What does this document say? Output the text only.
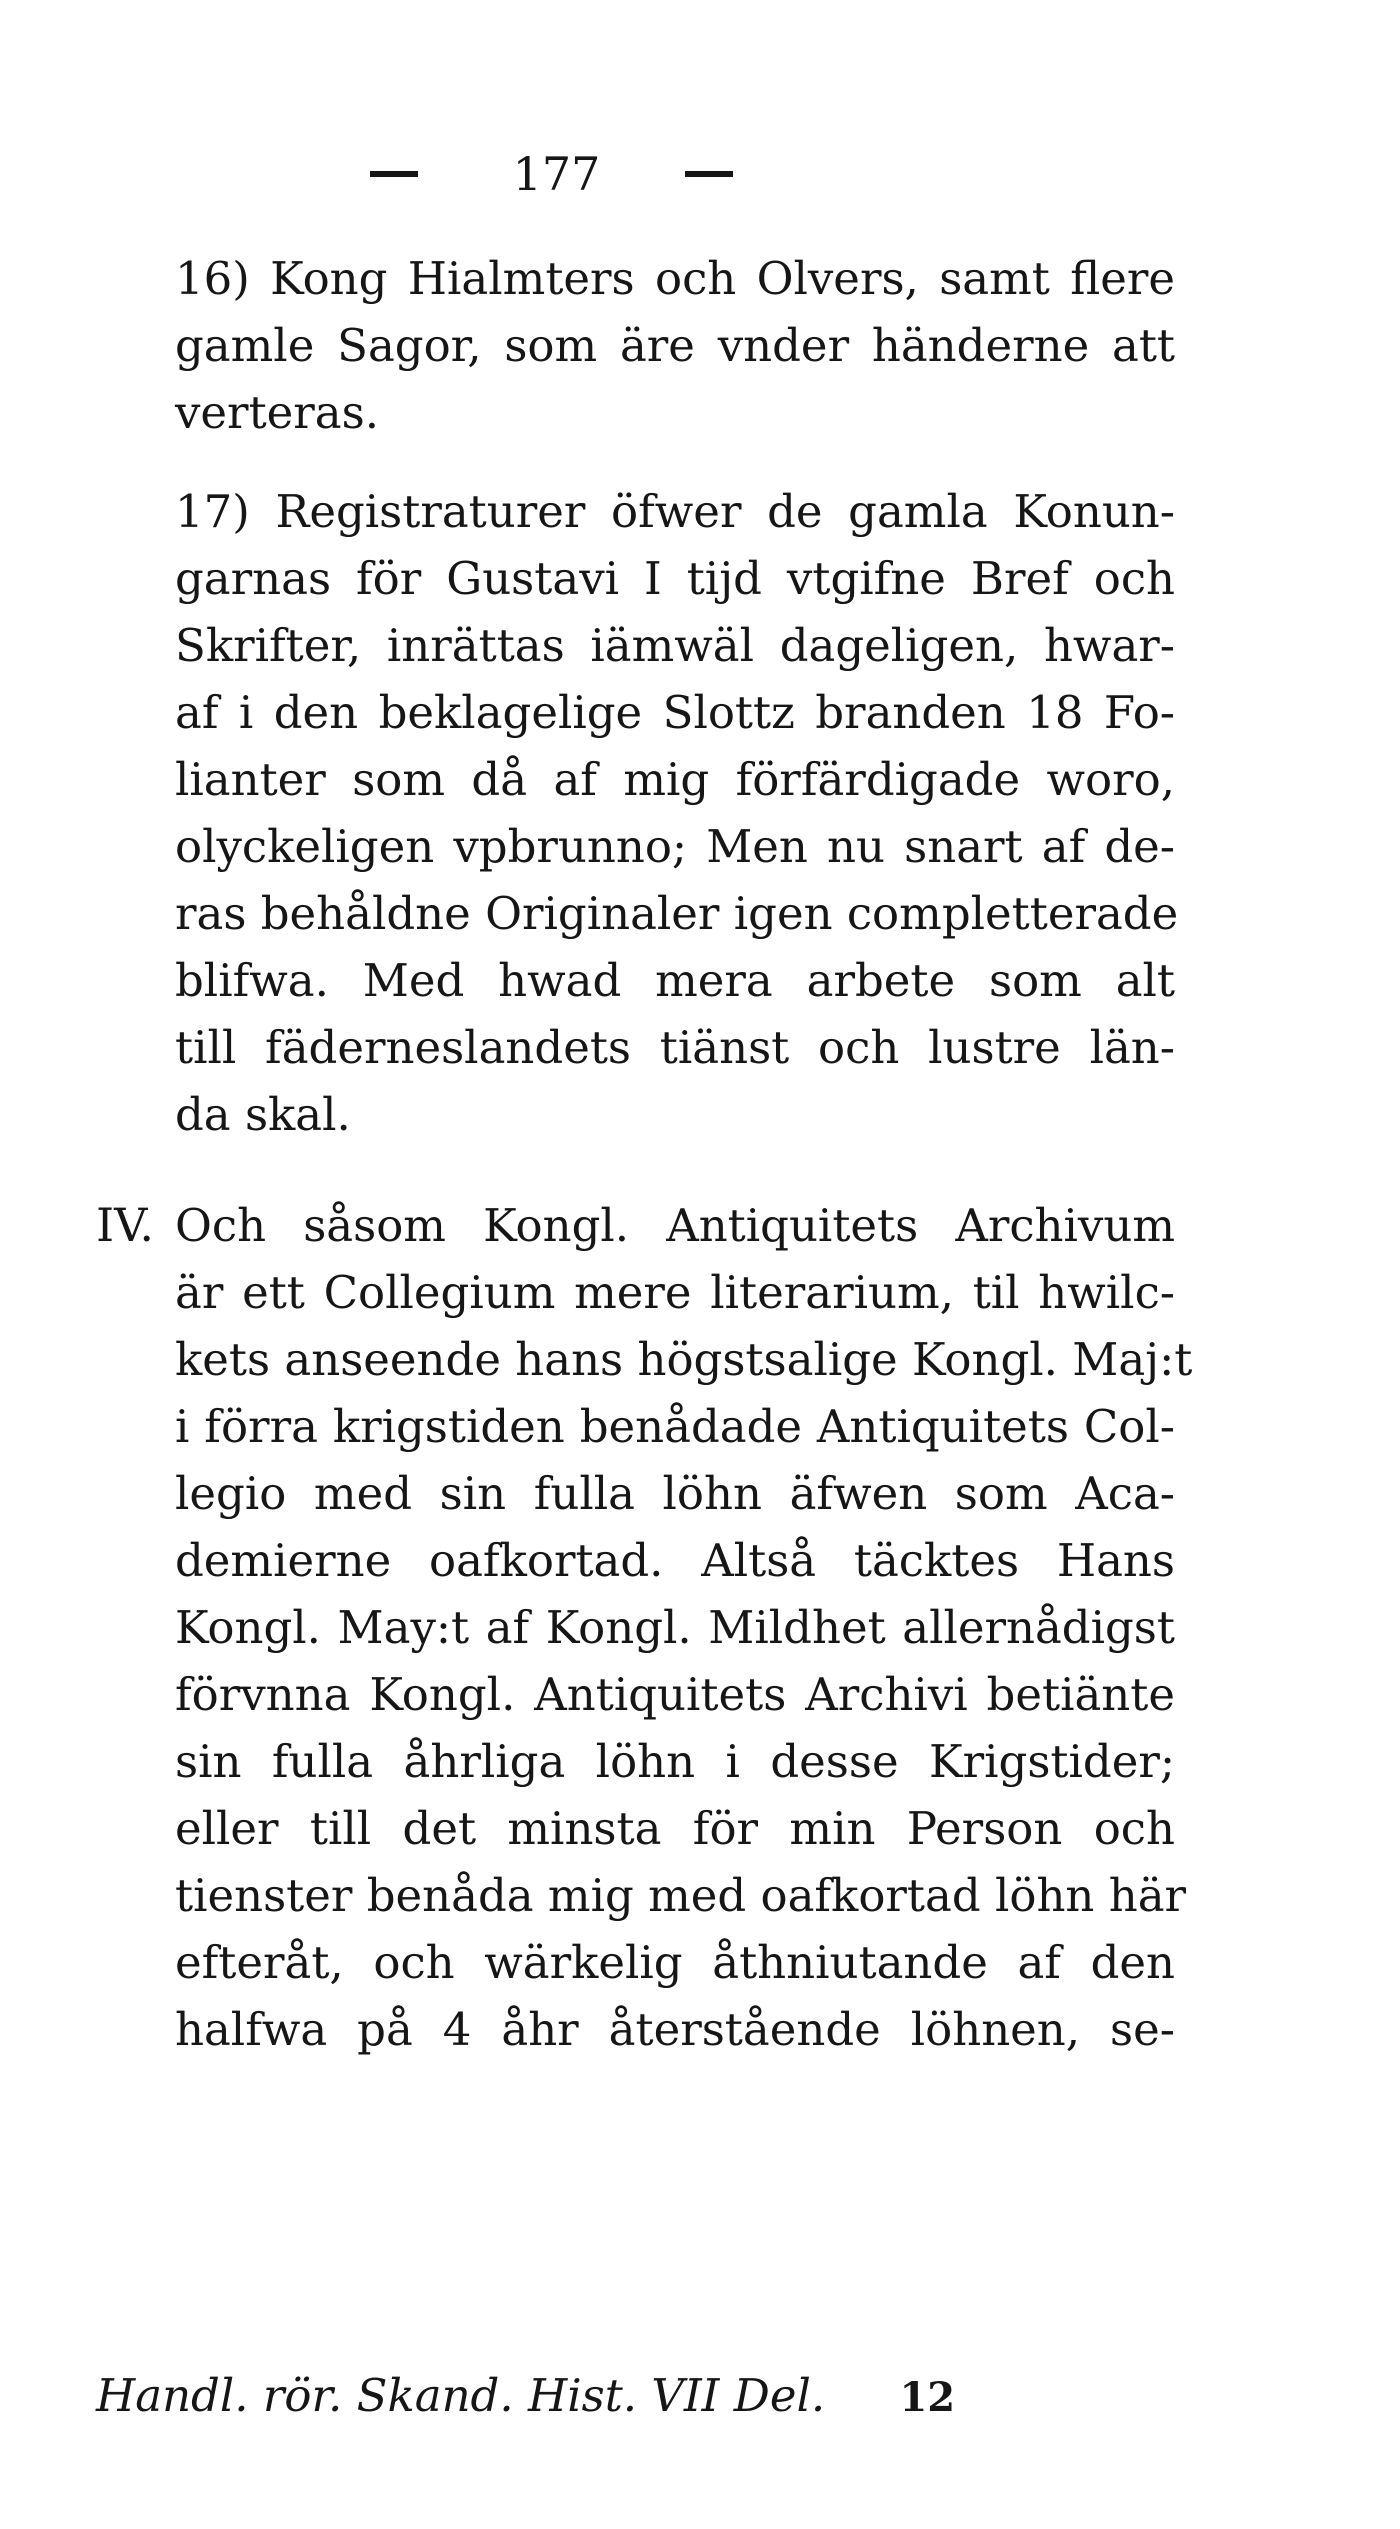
177
16) Kong Hialmters och Olvers, samt flere
gamle Sagor, som äre vnder händerne att
verteras.
17) Registraturer öfwer de gamla Konun-
garnas för Gustavi I tijd vtgifne Bref och
Skrifter, inrättas iämwäl dageligen, hwar-
af i den beklagelige Slottz branden 18 Fo-
lianter som då af mig förfärdigade woro,
olyckeligen vpbrunno; Men nu snart af de-
ras behåldne Originaler igen completterade
blifwa. Med hwad mera arbete som alt
till fäderneslandets tiänst och lustre län-
da skal.
IV. Och såsom Kongl. Antiquitets Archivum
är ett Collegium mere literarium, til hwilc-
kets anseende hans högstsalige Kongl. Maj:t
i förra krigstiden benådade Antiquitets Col-
legio med sin fulla löhn äfwen som Aca-
demierne oafkortad. Altså täcktes Hans
Kongl. May:t af Kongl. Mildhet allernådigst
förvnna Kongl. Antiquitets Archivi betiänte
sin fulla åhrliga löhn i desse Krigstider;
eller till det minsta för min Person och
tienster benåda mig med oafkortad löhn här
efteråt, och wärkelig åthniutande af den
halfwa på 4 åhr återstående löhnen, se-
Handl. rör. Skand. Hist. VII Del. 12
